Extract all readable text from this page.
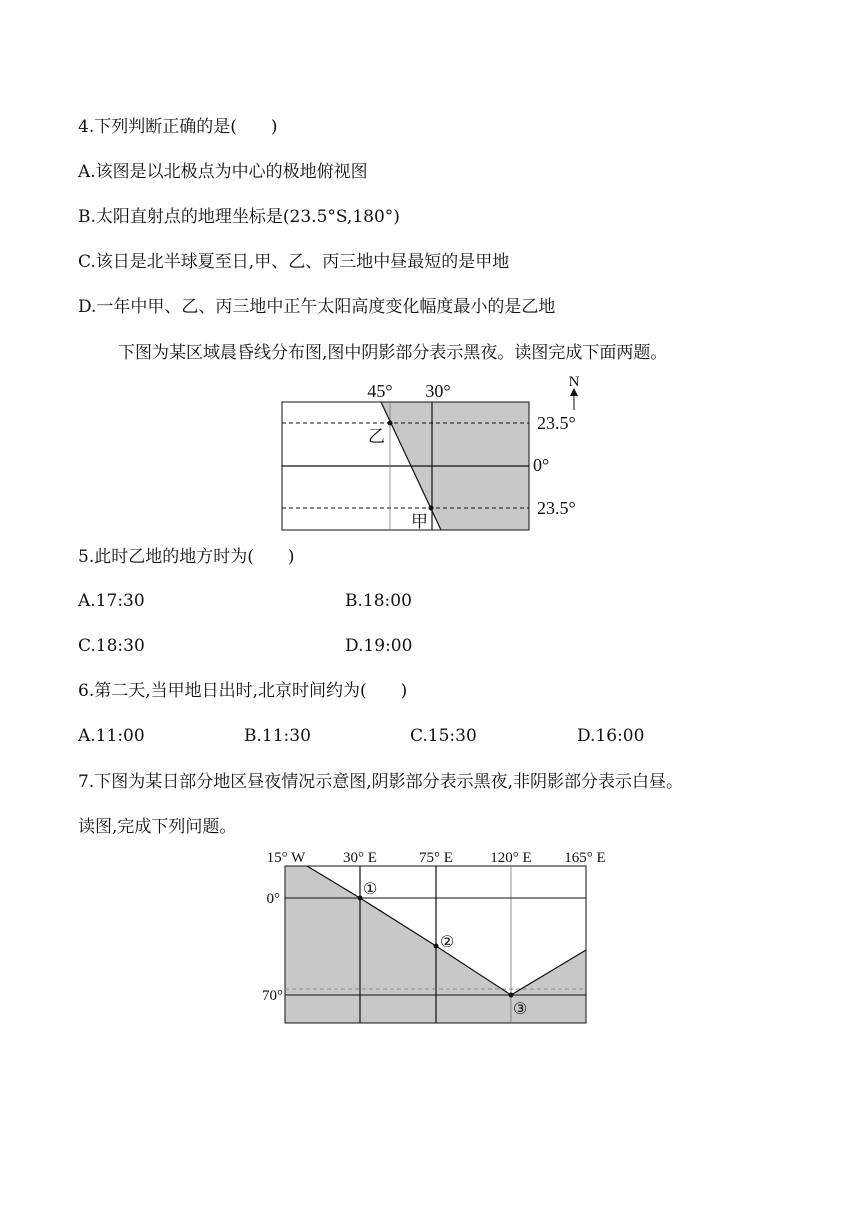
4.下列判断正确的是(　　)
A.该图是以北极点为中心的极地俯视图
B.太阳直射点的地理坐标是(23.5°S,180°)
C.该日是北半球夏至日,甲、乙、丙三地中昼最短的是甲地
D.一年中甲、乙、丙三地中正午太阳高度变化幅度最小的是乙地
下图为某区域晨昏线分布图,图中阴影部分表示黑夜。读图完成下面两题。
N
45° 30°
23.5°
0°
23.5°
乙
甲
5.此时乙地的地方时为(　　)
A.17:30	B.18:00
C.18:30	D.19:00
6.第二天,当甲地日出时,北京时间约为(　　)
A.11:00	B.11:30	C.15:30	D.16:00
7.下图为某日部分地区昼夜情况示意图,阴影部分表示黑夜,非阴影部分表示白昼。
读图,完成下列问题。
15° W	30° E	75° E 120° E 165° E
0°
70°
①
②
③
